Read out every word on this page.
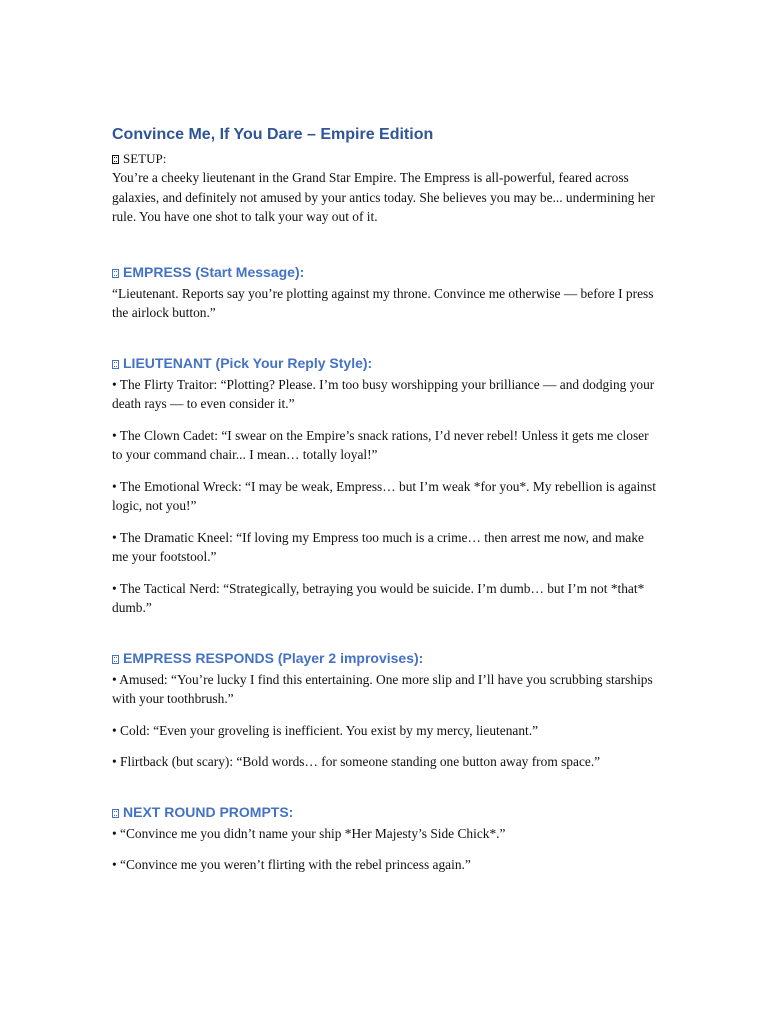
Convince Me, If You Dare – Empire Edition
SETUP:

You’re a cheeky lieutenant in the Grand Star Empire. The Empress is all-powerful, feared across galaxies, and definitely not amused by your antics today. She believes you may be... undermining her rule. You have one shot to talk your way out of it.

EMPRESS (Start Message):

“Lieutenant. Reports say you’re plotting against my throne. Convince me otherwise — before I press the airlock button.”

LIEUTENANT (Pick Your Reply Style):

• The Flirty Traitor: “Plotting? Please. I’m too busy worshipping your brilliance — and dodging your death rays — to even consider it.”

• The Clown Cadet: “I swear on the Empire’s snack rations, I’d never rebel! Unless it gets me closer to your command chair... I mean… totally loyal!”

• The Emotional Wreck: “I may be weak, Empress… but I’m weak *for you*. My rebellion is against logic, not you!”

• The Dramatic Kneel: “If loving my Empress too much is a crime… then arrest me now, and make me your footstool.”

• The Tactical Nerd: “Strategically, betraying you would be suicide. I’m dumb… but I’m not *that* dumb.”

EMPRESS RESPONDS (Player 2 improvises):

• Amused: “You’re lucky I find this entertaining. One more slip and I’ll have you scrubbing starships with your toothbrush.”

• Cold: “Even your groveling is inefficient. You exist by my mercy, lieutenant.”

• Flirtback (but scary): “Bold words… for someone standing one button away from space.”

NEXT ROUND PROMPTS:

• “Convince me you didn’t name your ship *Her Majesty’s Side Chick*.”

• “Convince me you weren’t flirting with the rebel princess again.”
